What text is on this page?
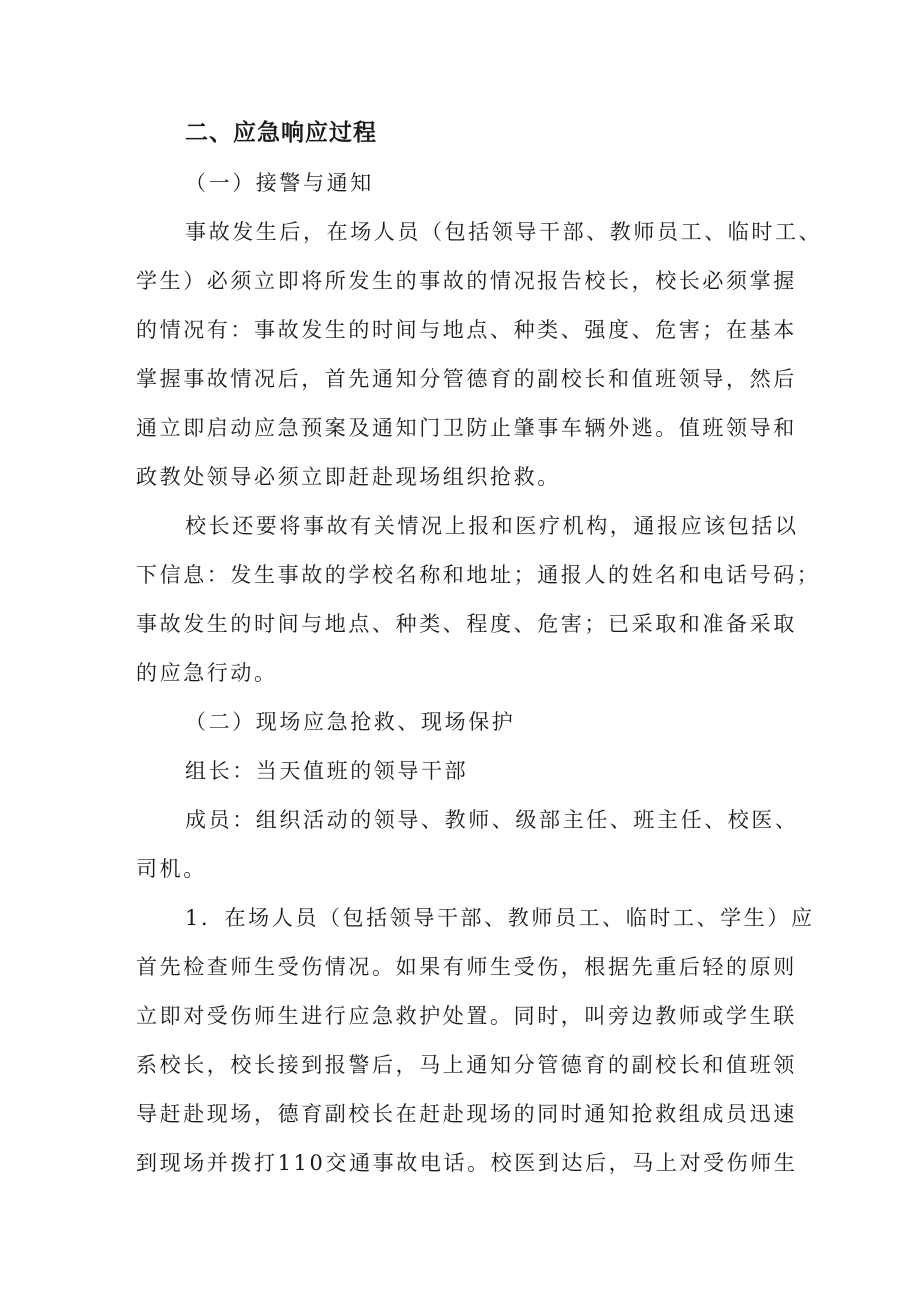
二、应急响应过程
（一）接警与通知
事故发生后，在场人员（包括领导干部、教师员工、临时工、
学生）必须立即将所发生的事故的情况报告校长，校长必须掌握
的情况有：事故发生的时间与地点、种类、强度、危害；在基本
掌握事故情况后，首先通知分管德育的副校长和值班领导，然后
通立即启动应急预案及通知门卫防止肇事车辆外逃。值班领导和
政教处领导必须立即赶赴现场组织抢救。
校长还要将事故有关情况上报和医疗机构，通报应该包括以
下信息：发生事故的学校名称和地址；通报人的姓名和电话号码；
事故发生的时间与地点、种类、程度、危害；已采取和准备采取
的应急行动。
（二）现场应急抢救、现场保护
组长：当天值班的领导干部
成员：组织活动的领导、教师、级部主任、班主任、校医、
司机。
1．在场人员（包括领导干部、教师员工、临时工、学生）应
首先检查师生受伤情况。如果有师生受伤，根据先重后轻的原则
立即对受伤师生进行应急救护处置。同时，叫旁边教师或学生联
系校长，校长接到报警后，马上通知分管德育的副校长和值班领
导赶赴现场，德育副校长在赶赴现场的同时通知抢救组成员迅速
到现场并拨打110交通事故电话。校医到达后，马上对受伤师生
